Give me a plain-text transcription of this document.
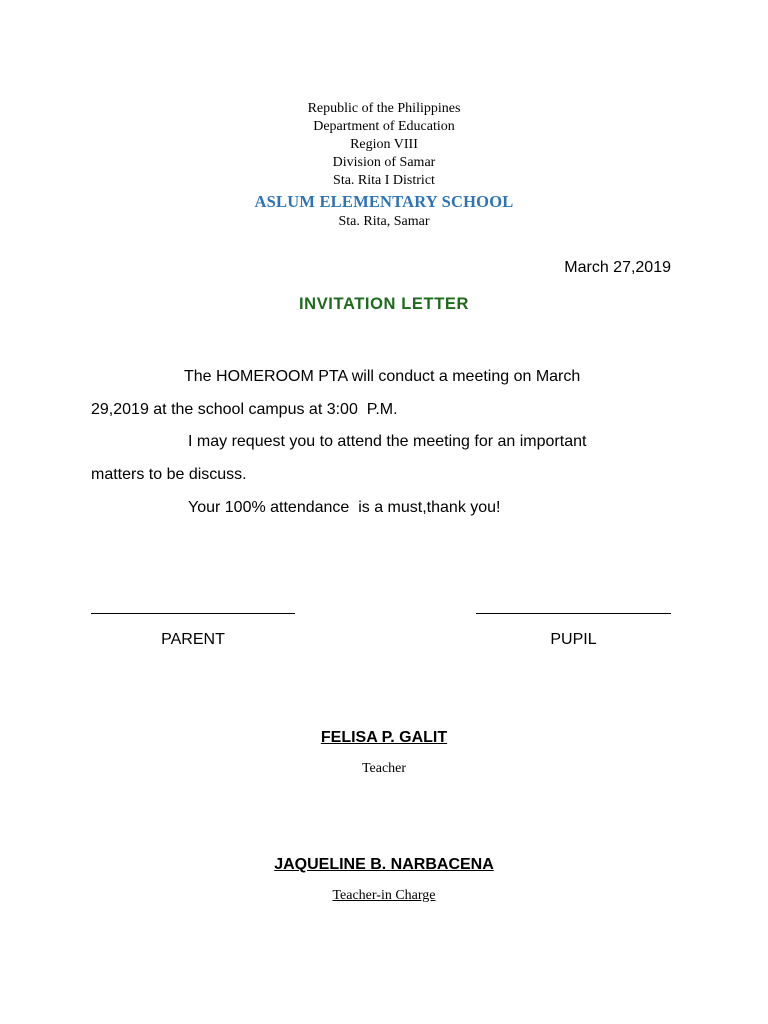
Republic of the Philippines
Department of Education
Region VIII
Division of Samar
Sta. Rita I District
ASLUM ELEMENTARY SCHOOL
Sta. Rita, Samar
March 27,2019
INVITATION LETTER
The HOMEROOM PTA will conduct a meeting on March
29,2019 at the school campus at 3:00  P.M.
I may request you to attend the meeting for an important
matters to be discuss.
Your 100% attendance  is a must,thank you!
PARENT	PUPIL
FELISA P. GALIT
Teacher
JAQUELINE B. NARBACENA
Teacher-in Charge
